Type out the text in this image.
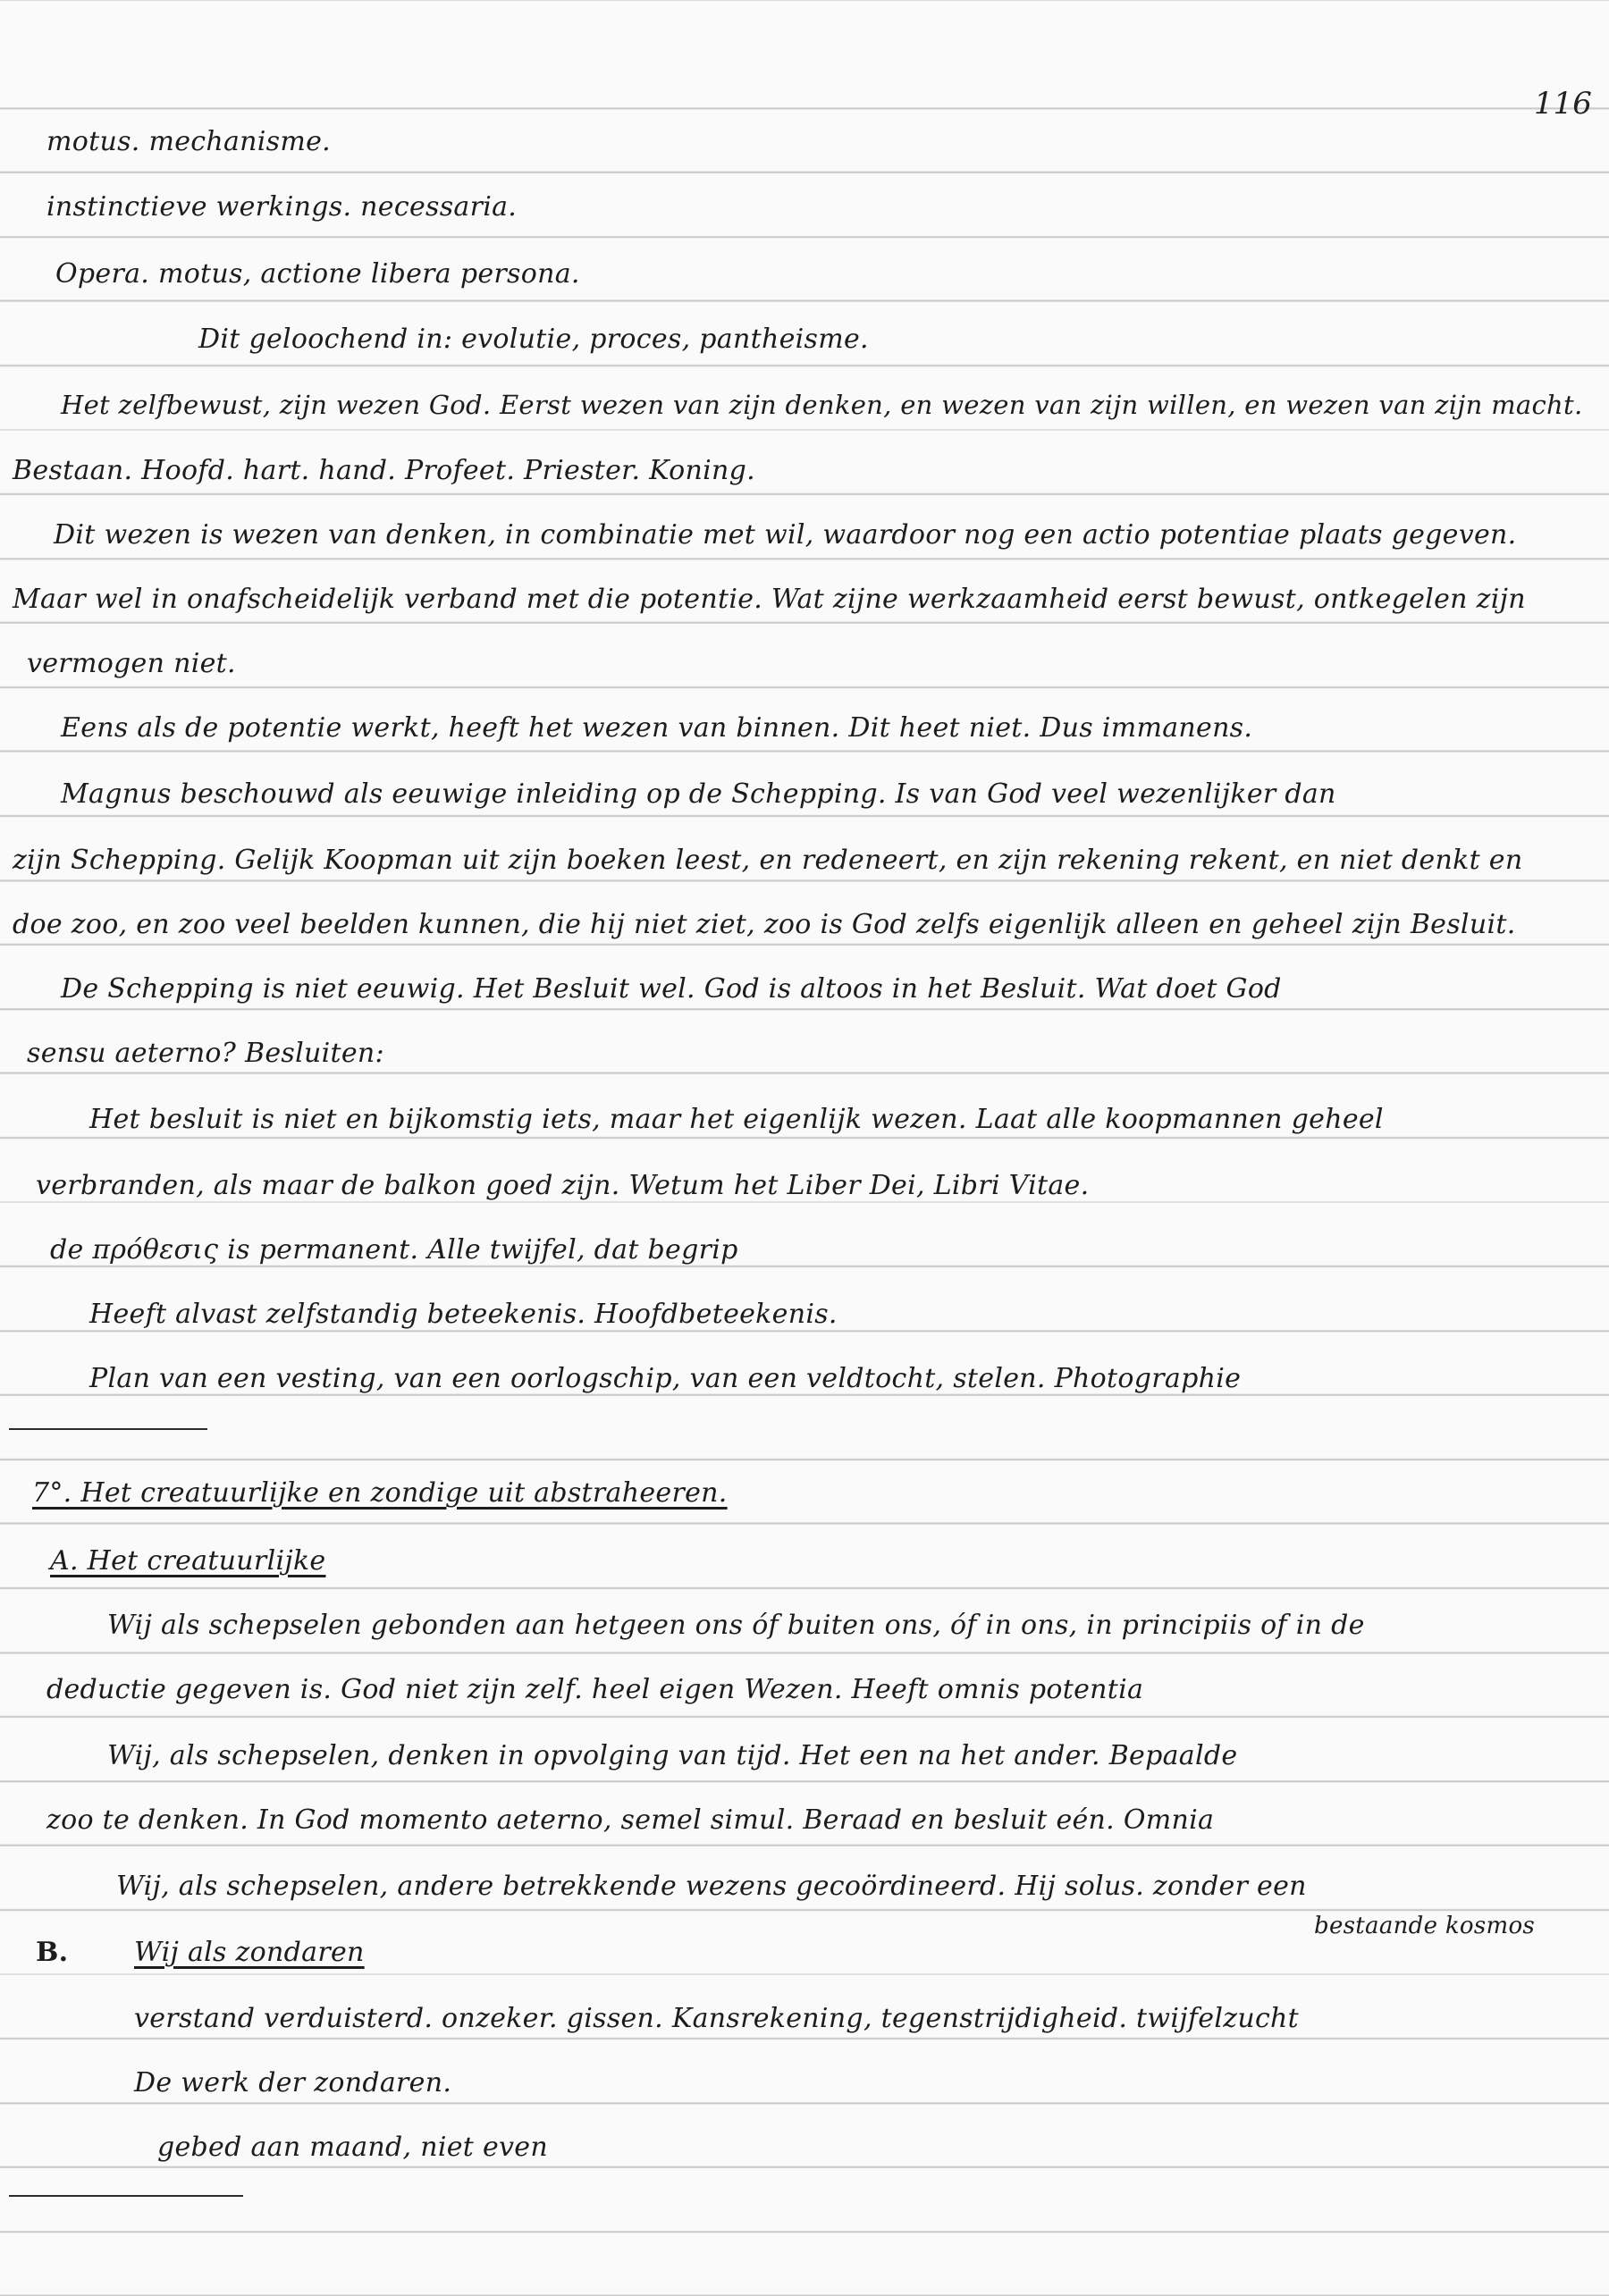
116
motus. mechanisme.
instinctieve werkings. necessaria.
Opera. motus, actione libera persona.
Dit geloochend in: evolutie, proces, pantheisme.
Het zelfbewust, zijn wezen God. Eerst wezen van zijn denken, en wezen van zijn willen, en wezen van zijn macht.
Bestaan. Hoofd. hart. hand. Profeet. Priester. Koning.
Dit wezen is wezen van denken, in combinatie met wil, waardoor nog een actio potentiae plaats gegeven.
Maar wel in onafscheidelijk verband met die potentie. Wat zijne werkzaamheid eerst bewust, ontkegelen zijn
vermogen niet.
Eens als de potentie werkt, heeft het wezen van binnen. Dit heet niet. Dus immanens.
Magnus beschouwd als eeuwige inleiding op de Schepping. Is van God veel wezenlijker dan
zijn Schepping. Gelijk Koopman uit zijn boeken leest, en redeneert, en zijn rekening rekent, en niet denkt en
doe zoo, en zoo veel beelden kunnen, die hij niet ziet, zoo is God zelfs eigenlijk alleen en geheel zijn Besluit.
De Schepping is niet eeuwig. Het Besluit wel. God is altoos in het Besluit. Wat doet God
sensu aeterno? Besluiten:
Het besluit is niet en bijkomstig iets, maar het eigenlijk wezen. Laat alle koopmannen geheel
verbranden, als maar de balkon goed zijn. Wetum het Liber Dei, Libri Vitae.
de πρόθεσις is permanent. Alle twijfel, dat begrip
Heeft alvast zelfstandig beteekenis. Hoofdbeteekenis.
Plan van een vesting, van een oorlogschip, van een veldtocht, stelen. Photographie
7°. Het creatuurlijke en zondige uit abstraheeren.
A. Het creatuurlijke
Wij als schepselen gebonden aan hetgeen ons óf buiten ons, óf in ons, in principiis of in de
deductie gegeven is. God niet zijn zelf. heel eigen Wezen. Heeft omnis potentia
Wij, als schepselen, denken in opvolging van tijd. Het een na het ander. Bepaalde
zoo te denken. In God momento aeterno, semel simul. Beraad en besluit eén. Omnia
Wij, als schepselen, andere betrekkende wezens gecoördineerd. Hij solus. zonder een
bestaande kosmos
B. Wij als zondaren
verstand verduisterd. onzeker. gissen. Kansrekening, tegenstrijdigheid. twijfelzucht
De werk der zondaren.
gebed aan maand, niet even
